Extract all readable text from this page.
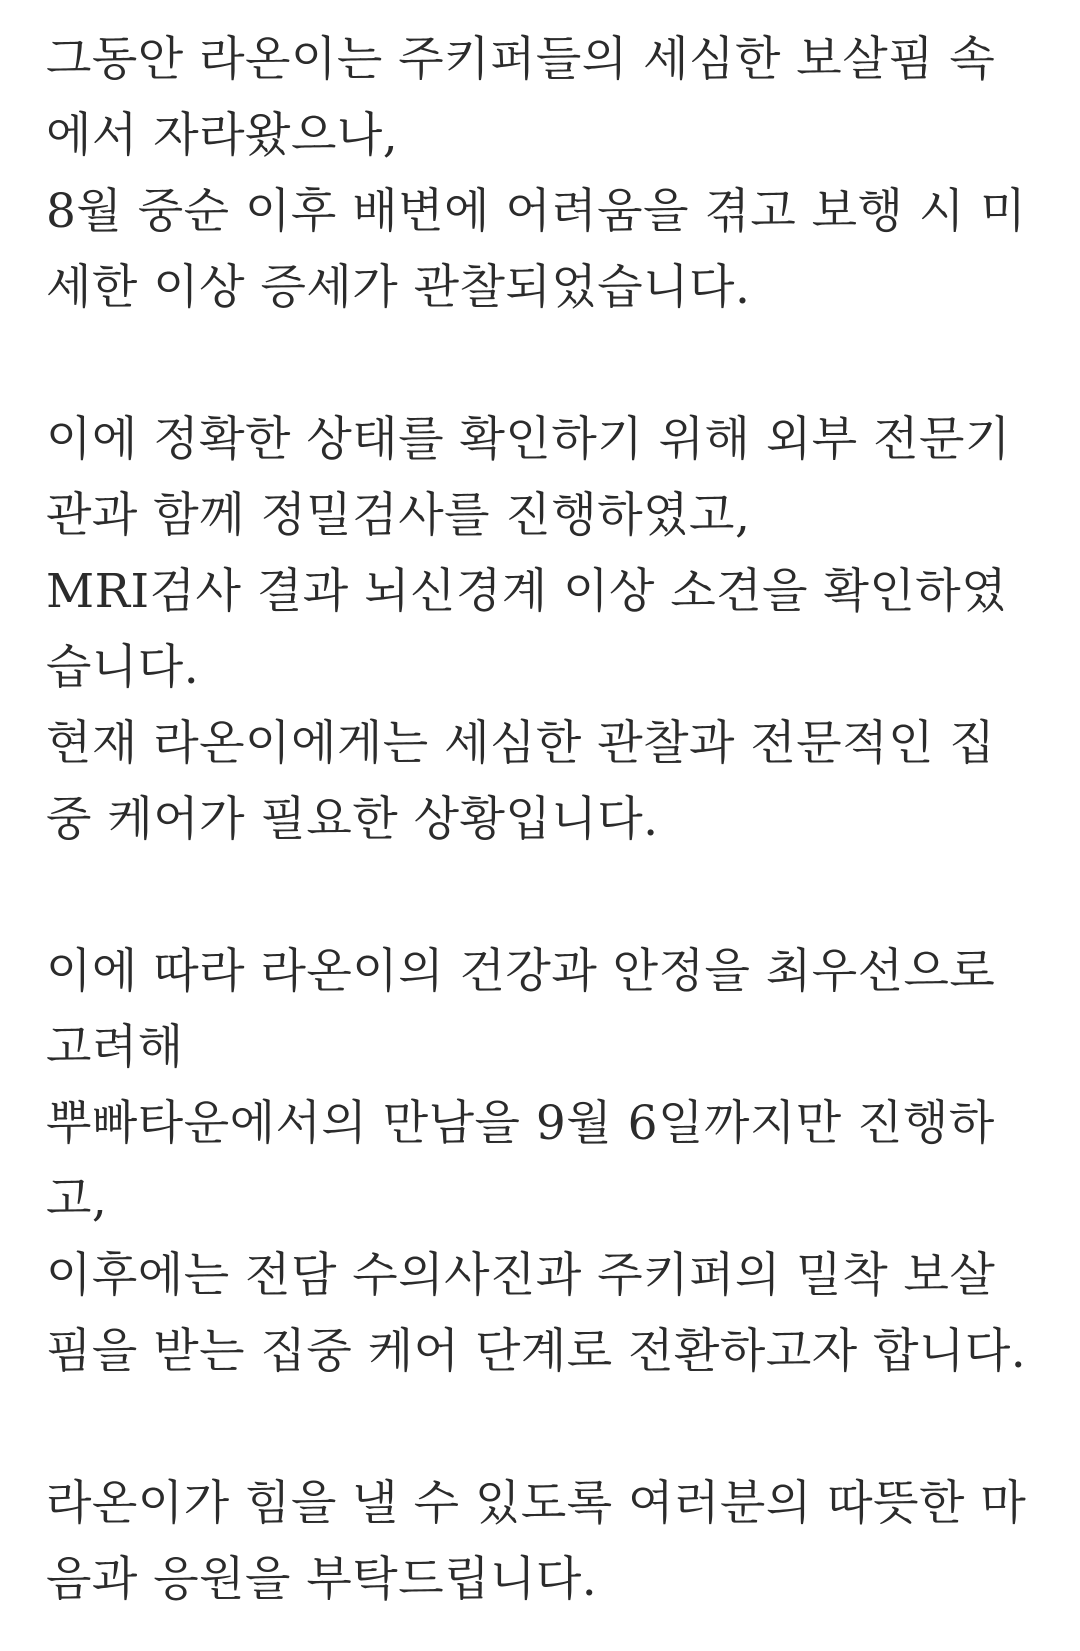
그동안 라온이는 주키퍼들의 세심한 보살핌 속
에서 자라왔으나,
8월 중순 이후 배변에 어려움을 겪고 보행 시 미
세한 이상 증세가 관찰되었습니다.
이에 정확한 상태를 확인하기 위해 외부 전문기
관과 함께 정밀검사를 진행하였고,
MRI검사 결과 뇌신경계 이상 소견을 확인하였
습니다.
현재 라온이에게는 세심한 관찰과 전문적인 집
중 케어가 필요한 상황입니다.
이에 따라 라온이의 건강과 안정을 최우선으로
고려해
뿌빠타운에서의 만남을 9월 6일까지만 진행하
고,
이후에는 전담 수의사진과 주키퍼의 밀착 보살
핌을 받는 집중 케어 단계로 전환하고자 합니다.
라온이가 힘을 낼 수 있도록 여러분의 따뜻한 마
음과 응원을 부탁드립니다.
